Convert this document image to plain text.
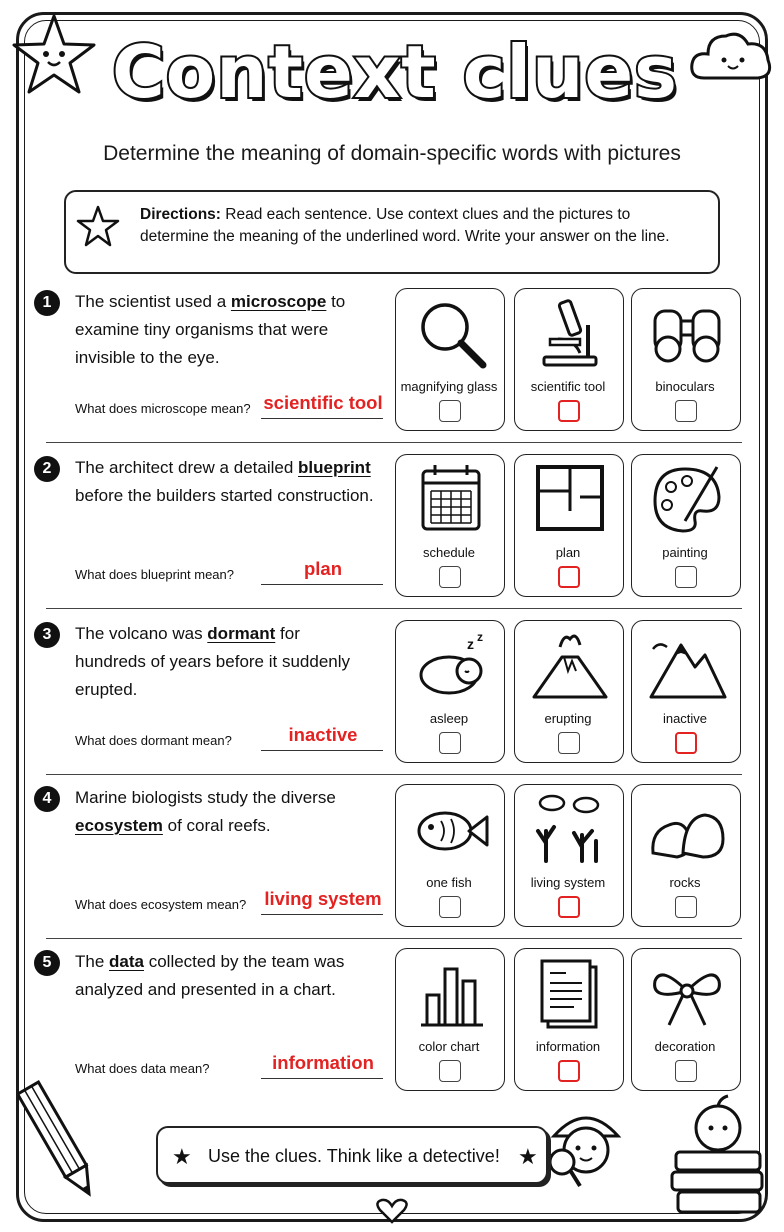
Context clues
Determine the meaning of domain-specific words with pictures
Directions: Read each sentence. Use context clues and the pictures to determine the meaning of the underlined word. Write your answer on the line.
1	The scientist used a microscope to examine tiny organisms that were invisible to the eye.
What does microscope mean? scientific tool
magnifying glass	scientific tool	binoculars
2	The architect drew a detailed blueprint before the builders started construction.
What does blueprint mean?	plan
schedule	plan	painting
3	The volcano was dormant for hundreds of years before it suddenly erupted.
What does dormant mean?	inactive
z z
asleep	erupting	inactive
4	Marine biologists study the diverse ecosystem of coral reefs.
What does ecosystem mean? living system
one fish	living system	rocks
5	The data collected by the team was analyzed and presented in a chart.
What does data mean?	information
color chart	information	decoration
★ Use the clues. Think like a detective! ★
